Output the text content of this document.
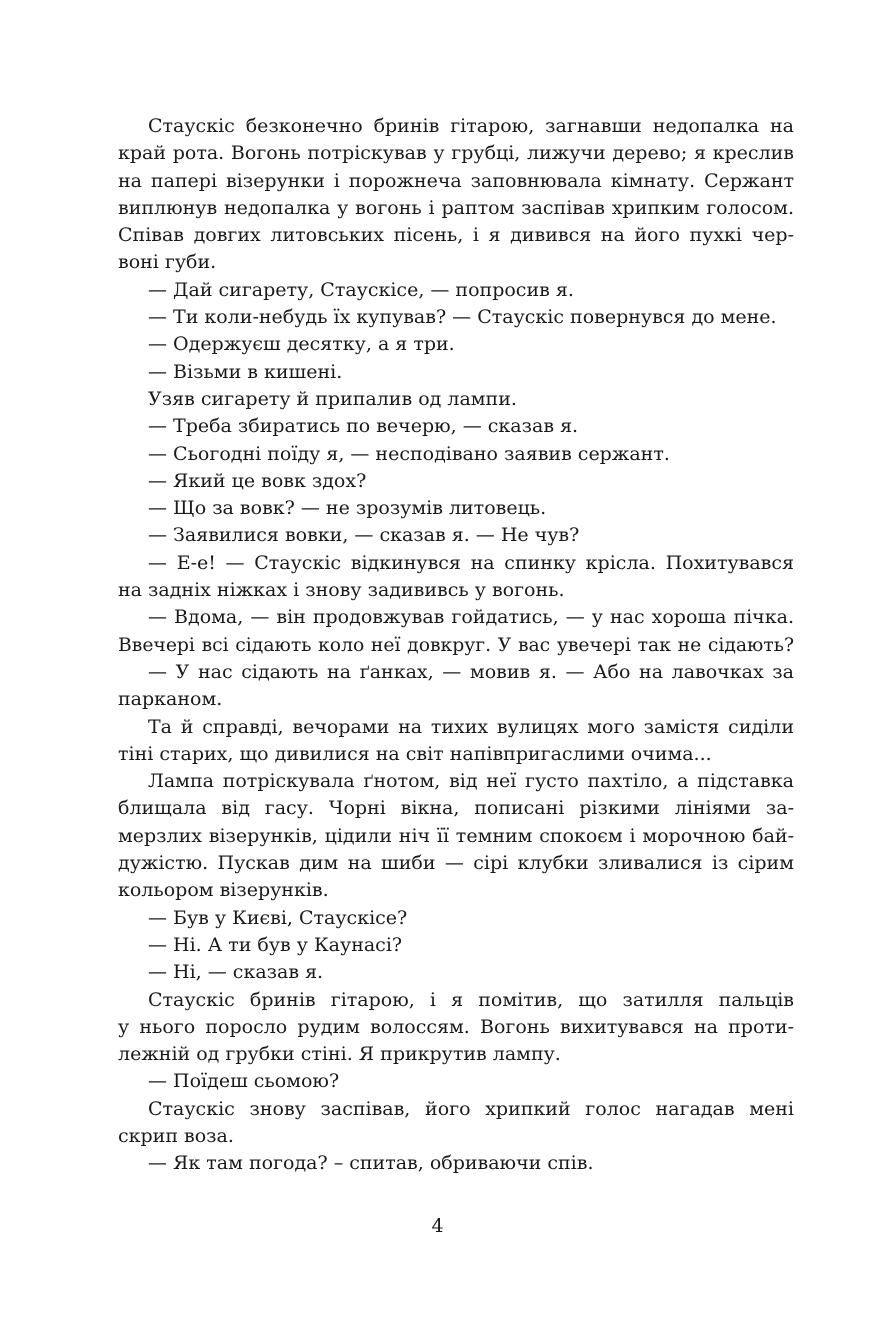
Стаускіс безконечно бринів гітарою, загнавши недопалка на
край рота. Вогонь потріскував у грубці, лижучи дерево; я креслив
на папері візерунки і порожнеча заповнювала кімнату. Сержант
виплюнув недопалка у вогонь і раптом заспівав хрипким голосом.
Співав довгих литовських пісень, і я дивився на його пухкі чер-
воні губи.
— Дай сигарету, Стаускісе, — попросив я.
— Ти коли-небудь їх купував? — Стаускіс повернувся до мене.
— Одержуєш десятку, а я три.
— Візьми в кишені.
Узяв сигарету й припалив од лампи.
— Треба збиратись по вечерю, — сказав я.
— Сьогодні поїду я, — несподівано заявив сержант.
— Який це вовк здох?
— Що за вовк? — не зрозумів литовець.
— Заявилися вовки, — сказав я. — Не чув?
— Е-е! — Стаускіс відкинувся на спинку крісла. Похитувався
на задніх ніжках і знову задививсь у вогонь.
— Вдома, — він продовжував гойдатись, — у нас хороша пічка.
Ввечері всі сідають коло неї довкруг. У вас увечері так не сідають?
— У нас сідають на ґанках, — мовив я. — Або на лавочках за
парканом.
Та й справді, вечорами на тихих вулицях мого замістя сиділи
тіні старих, що дивилися на світ напівпригаслими очима...
Лампа потріскувала ґнотом, від неї густо пахтіло, а підставка
блищала від гасу. Чорні вікна, пописані різкими лініями за-
мерзлих візерунків, цідили ніч її темним спокоєм і морочною бай-
дужістю. Пускав дим на шиби — сірі клубки зливалися із сірим
кольором візерунків.
— Був у Києві, Стаускісе?
— Ні. А ти був у Каунасі?
— Ні, — сказав я.
Стаускіс бринів гітарою, і я помітив, що затилля пальців
у нього поросло рудим волоссям. Вогонь вихитувався на проти-
лежній од грубки стіні. Я прикрутив лампу.
— Поїдеш сьомою?
Стаускіс знову заспівав, його хрипкий голос нагадав мені
скрип воза.
— Як там погода? – спитав, обриваючи спів.
4
